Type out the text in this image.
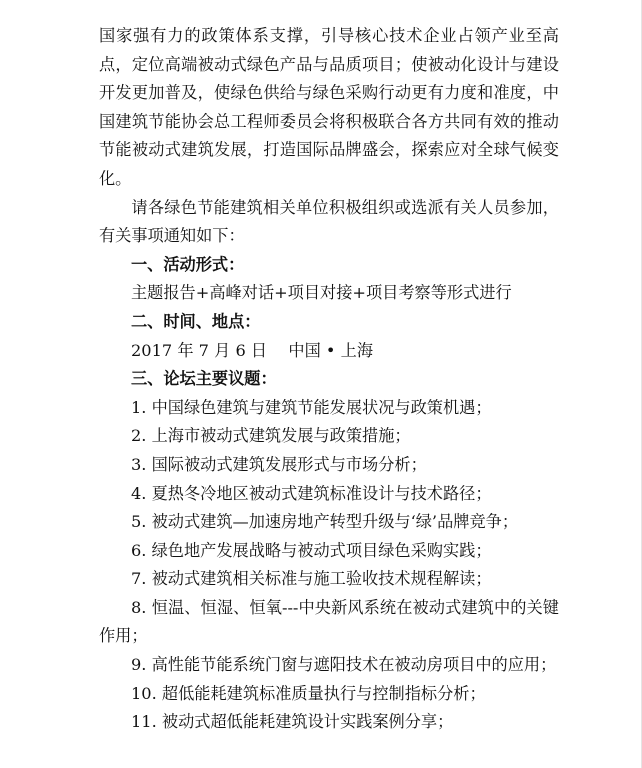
国家强有力的政策体系支撑，引导核心技术企业占领产业至高点，定位高端被动式绿色产品与品质项目；使被动化设计与建设开发更加普及，使绿色供给与绿色采购行动更有力度和准度，中国建筑节能协会总工程师委员会将积极联合各方共同有效的推动节能被动式建筑发展，打造国际品牌盛会，探索应对全球气候变化。

请各绿色节能建筑相关单位积极组织或选派有关人员参加，有关事项通知如下：

一、活动形式：

主题报告+高峰对话+项目对接+项目考察等形式进行

二、时间、地点：

2017 年 7 月 6 日　 中国 • 上海

三、论坛主要议题：

1. 中国绿色建筑与建筑节能发展状况与政策机遇；

2. 上海市被动式建筑发展与政策措施；

3. 国际被动式建筑发展形式与市场分析；

4. 夏热冬冷地区被动式建筑标准设计与技术路径；

5. 被动式建筑—加速房地产转型升级与‘绿’品牌竞争；

6. 绿色地产发展战略与被动式项目绿色采购实践；

7. 被动式建筑相关标准与施工验收技术规程解读；

8. 恒温、恒湿、恒氧---中央新风系统在被动式建筑中的关键作用；

9. 高性能节能系统门窗与遮阳技术在被动房项目中的应用；

10. 超低能耗建筑标准质量执行与控制指标分析；

11. 被动式超低能耗建筑设计实践案例分享；
